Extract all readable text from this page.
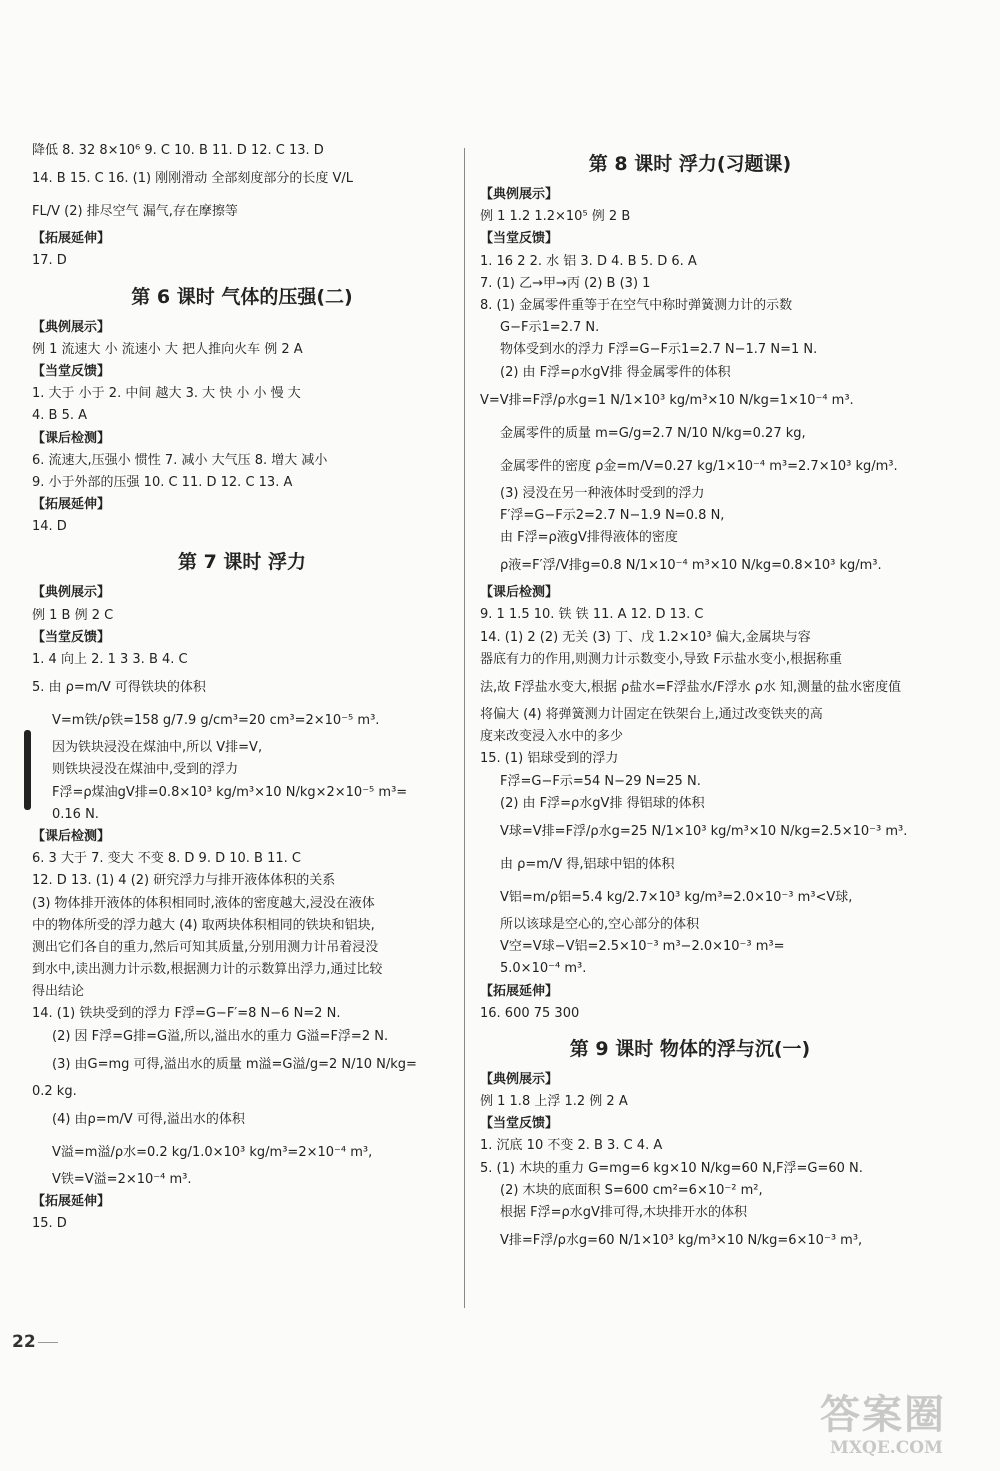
降低 8. 32 8×10⁶ 9. C 10. B 11. D 12. C 13. D
14. B 15. C 16. (1) 刚刚滑动 全部刻度部分的长度 V/L
FL/V (2) 排尽空气 漏气,存在摩擦等
【拓展延伸】
17. D
第 6 课时 气体的压强(二)
【典例展示】
例 1 流速大 小 流速小 大 把人推向火车 例 2 A
【当堂反馈】
1. 大于 小于 2. 中间 越大 3. 大 快 小 小 慢 大
4. B 5. A
【课后检测】
6. 流速大,压强小 惯性 7. 减小 大气压 8. 增大 减小
9. 小于外部的压强 10. C 11. D 12. C 13. A
【拓展延伸】
14. D
第 7 课时 浮力
【典例展示】
例 1 B 例 2 C
【当堂反馈】
1. 4 向上 2. 1 3 3. B 4. C
5. 由 ρ=m/V 可得铁块的体积
V=m铁/ρ铁=158 g/7.9 g/cm³=20 cm³=2×10⁻⁵ m³.
因为铁块浸没在煤油中,所以 V排=V,
则铁块浸没在煤油中,受到的浮力
F浮=ρ煤油gV排=0.8×10³ kg/m³×10 N/kg×2×10⁻⁵ m³=
0.16 N.
【课后检测】
6. 3 大于 7. 变大 不变 8. D 9. D 10. B 11. C
12. D 13. (1) 4 (2) 研究浮力与排开液体体积的关系
(3) 物体排开液体的体积相同时,液体的密度越大,浸没在液体
中的物体所受的浮力越大 (4) 取两块体积相同的铁块和铝块,
测出它们各自的重力,然后可知其质量,分别用测力计吊着浸没
到水中,读出测力计示数,根据测力计的示数算出浮力,通过比较
得出结论
14. (1) 铁块受到的浮力 F浮=G−F′=8 N−6 N=2 N.
(2) 因 F浮=G排=G溢,所以,溢出水的重力 G溢=F浮=2 N.
(3) 由G=mg 可得,溢出水的质量 m溢=G溢/g=2 N/10 N/kg=
0.2 kg.
(4) 由ρ=m/V 可得,溢出水的体积
V溢=m溢/ρ水=0.2 kg/1.0×10³ kg/m³=2×10⁻⁴ m³,
V铁=V溢=2×10⁻⁴ m³.
【拓展延伸】
15. D
第 8 课时 浮力(习题课)
【典例展示】
例 1 1.2 1.2×10⁵ 例 2 B
【当堂反馈】
1. 16 2 2. 水 铝 3. D 4. B 5. D 6. A
7. (1) 乙→甲→丙 (2) B (3) 1
8. (1) 金属零件重等于在空气中称时弹簧测力计的示数
G−F示1=2.7 N.
物体受到水的浮力 F浮=G−F示1=2.7 N−1.7 N=1 N.
(2) 由 F浮=ρ水gV排 得金属零件的体积
V=V排=F浮/ρ水g=1 N/1×10³ kg/m³×10 N/kg=1×10⁻⁴ m³.
金属零件的质量 m=G/g=2.7 N/10 N/kg=0.27 kg,
金属零件的密度 ρ金=m/V=0.27 kg/1×10⁻⁴ m³=2.7×10³ kg/m³.
(3) 浸没在另一种液体时受到的浮力
F′浮=G−F示2=2.7 N−1.9 N=0.8 N,
由 F浮=ρ液gV排得液体的密度
ρ液=F′浮/V排g=0.8 N/1×10⁻⁴ m³×10 N/kg=0.8×10³ kg/m³.
【课后检测】
9. 1 1.5 10. 铁 铁 11. A 12. D 13. C
14. (1) 2 (2) 无关 (3) 丁、戊 1.2×10³ 偏大,金属块与容
器底有力的作用,则测力计示数变小,导致 F示盐水变小,根据称重
法,故 F浮盐水变大,根据 ρ盐水=F浮盐水/F浮水 ρ水 知,测量的盐水密度值
将偏大 (4) 将弹簧测力计固定在铁架台上,通过改变铁夹的高
度来改变浸入水中的多少
15. (1) 铝球受到的浮力
F浮=G−F示=54 N−29 N=25 N.
(2) 由 F浮=ρ水gV排 得铝球的体积
V球=V排=F浮/ρ水g=25 N/1×10³ kg/m³×10 N/kg=2.5×10⁻³ m³.
由 ρ=m/V 得,铝球中铝的体积
V铝=m/ρ铝=5.4 kg/2.7×10³ kg/m³=2.0×10⁻³ m³<V球,
所以该球是空心的,空心部分的体积
V空=V球−V铝=2.5×10⁻³ m³−2.0×10⁻³ m³=
5.0×10⁻⁴ m³.
【拓展延伸】
16. 600 75 300
第 9 课时 物体的浮与沉(一)
【典例展示】
例 1 1.8 上浮 1.2 例 2 A
【当堂反馈】
1. 沉底 10 不变 2. B 3. C 4. A
5. (1) 木块的重力 G=mg=6 kg×10 N/kg=60 N,F浮=G=60 N.
(2) 木块的底面积 S=600 cm²=6×10⁻² m²,
根据 F浮=ρ水gV排可得,木块排开水的体积
V排=F浮/ρ水g=60 N/1×10³ kg/m³×10 N/kg=6×10⁻³ m³,
22
答案圈
MXQE.COM
